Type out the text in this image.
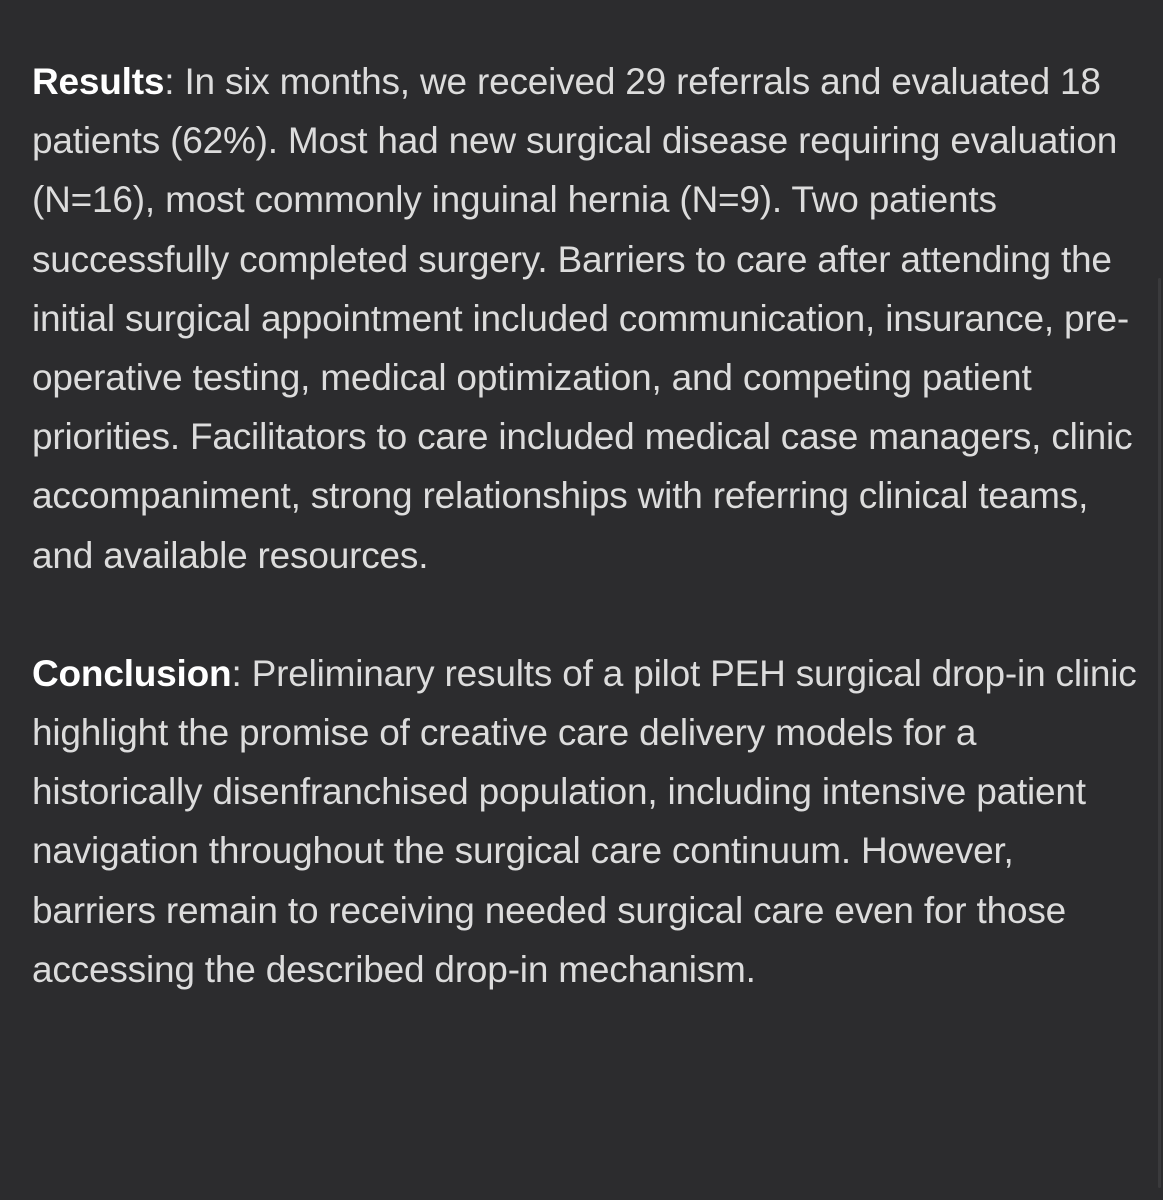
Results: In six months, we received 29 referrals and evaluated 18 patients (62%). Most had new surgical disease requiring evaluation (N=16), most commonly inguinal hernia (N=9). Two patients successfully completed surgery. Barriers to care after attending the initial surgical appointment included communication, insurance, pre-operative testing, medical optimization, and competing patient priorities. Facilitators to care included medical case managers, clinic accompaniment, strong relationships with referring clinical teams, and available resources.

Conclusion: Preliminary results of a pilot PEH surgical drop-in clinic highlight the promise of creative care delivery models for a historically disenfranchised population, including intensive patient navigation throughout the surgical care continuum. However, barriers remain to receiving needed surgical care even for those accessing the described drop-in mechanism.
